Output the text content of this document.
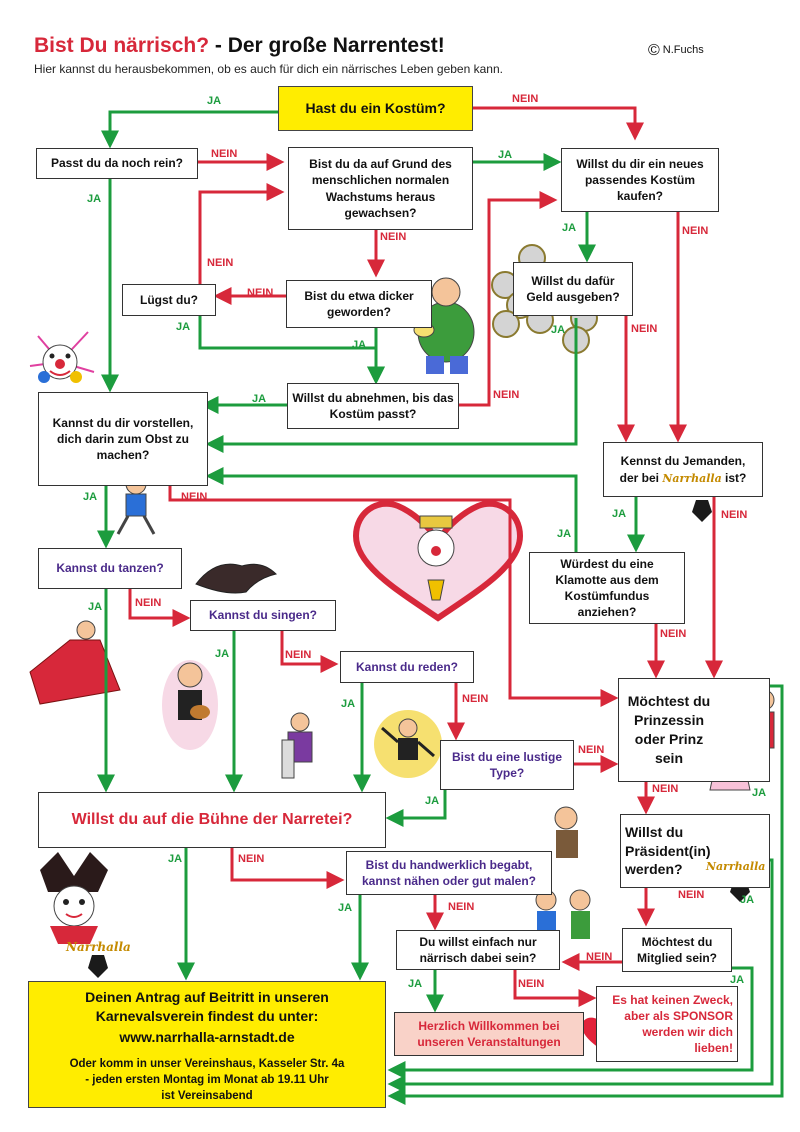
Bist Du närrisch? - Der große Narrentest!
Hier kannst du herausbekommen, ob es auch für dich ein närrisches Leben geben kann.
© N.Fuchs
Hast du ein Kostüm?
Passt du da noch rein?	Bist du da auf Grund des menschlichen normalen Wachstums heraus gewachsen?
Willst du dir ein neues passendes Kostüm kaufen?
Lügst du?	Bist du etwa dicker geworden?
Willst du dafür Geld ausgeben?
Willst du abnehmen, bis das Kostüm passt?
Kannst du dir vorstellen, dich darin zum Obst zu machen?	Kennst du Jemanden,
der bei Narrhalla ist?
Kannst du tanzen?
Kannst du singen?
Kannst du reden?
Würdest du eine Klamotte aus dem Kostümfundus anziehen?
Möchtest du Prinzessin oder Prinz sein
Bist du eine lustige Type?
Willst du auf die Bühne der Narretei?
Willst du Präsident(in) werden?
Bist du handwerklich begabt, kannst nähen oder gut malen?
Möchtest du Mitglied sein?
Du willst einfach nur närrisch dabei sein?
Herzlich Willkommen bei unseren Veranstaltungen
Es hat keinen Zweck, aber als SPONSOR werden wir dich lieben!
Deinen Antrag auf Beitritt in unseren
Karnevalsverein findest du unter:
www.narrhalla-arnstadt.de
Oder komm in unser Vereinshaus, Kasseler Str. 4a
- jeden ersten Montag im Monat ab 19.11 Uhr
ist Vereinsabend
JA	NEIN
JA
NEIN	JA
JA	NEIN
NEIN
NEIN
NEIN
JA
JA
JA	NEIN
JA	NEIN
JA	NEIN
JA	NEIN
JA
JA	NEIN
NEIN
JA	NEIN
JA	NEIN
NEIN
JA
NEIN	JA
JA	NEIN
JA	NEIN
NEIN	JA
NEIN
JA	NEIN	JA
Narrhalla
Narrhalla
